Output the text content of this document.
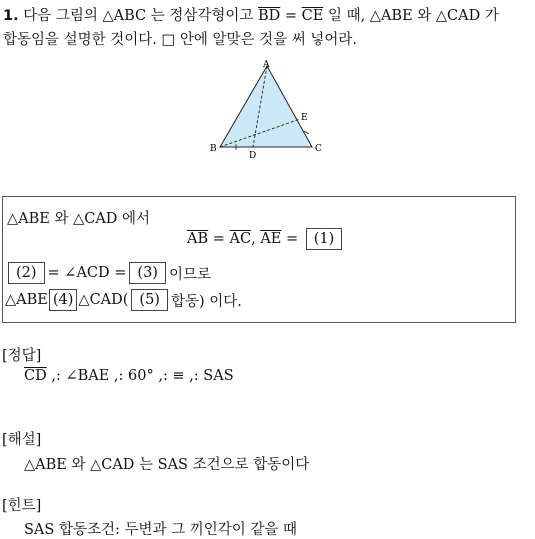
1. 다음 그림의 △ABC 는 정삼각형이고 $\overline{BD} = \overline{CE}$ 일 때, △ABE 와 △CAD 가
합동임을 설명한 것이다. □ 안에 알맞은 것을 써 넣어라.
A
B	C
D
E
△ABE 와 △CAD 에서
$\overline{AB} = \overline{AC}$ , $\overline{AE} = (1)$
(2) = ∠ACD = (3) 이므로
△ABE (4) △CAD( (5) 합동) 이다.
[정답]
$\overline{CD}$ ,: ∠BAE ,: 60° ,: ≡ ,: SAS
[해설]
△ABE 와 △CAD 는 SAS 조건으로 합동이다
[힌트]
SAS 합동조건: 두변과 그 끼인각이 같을 때
